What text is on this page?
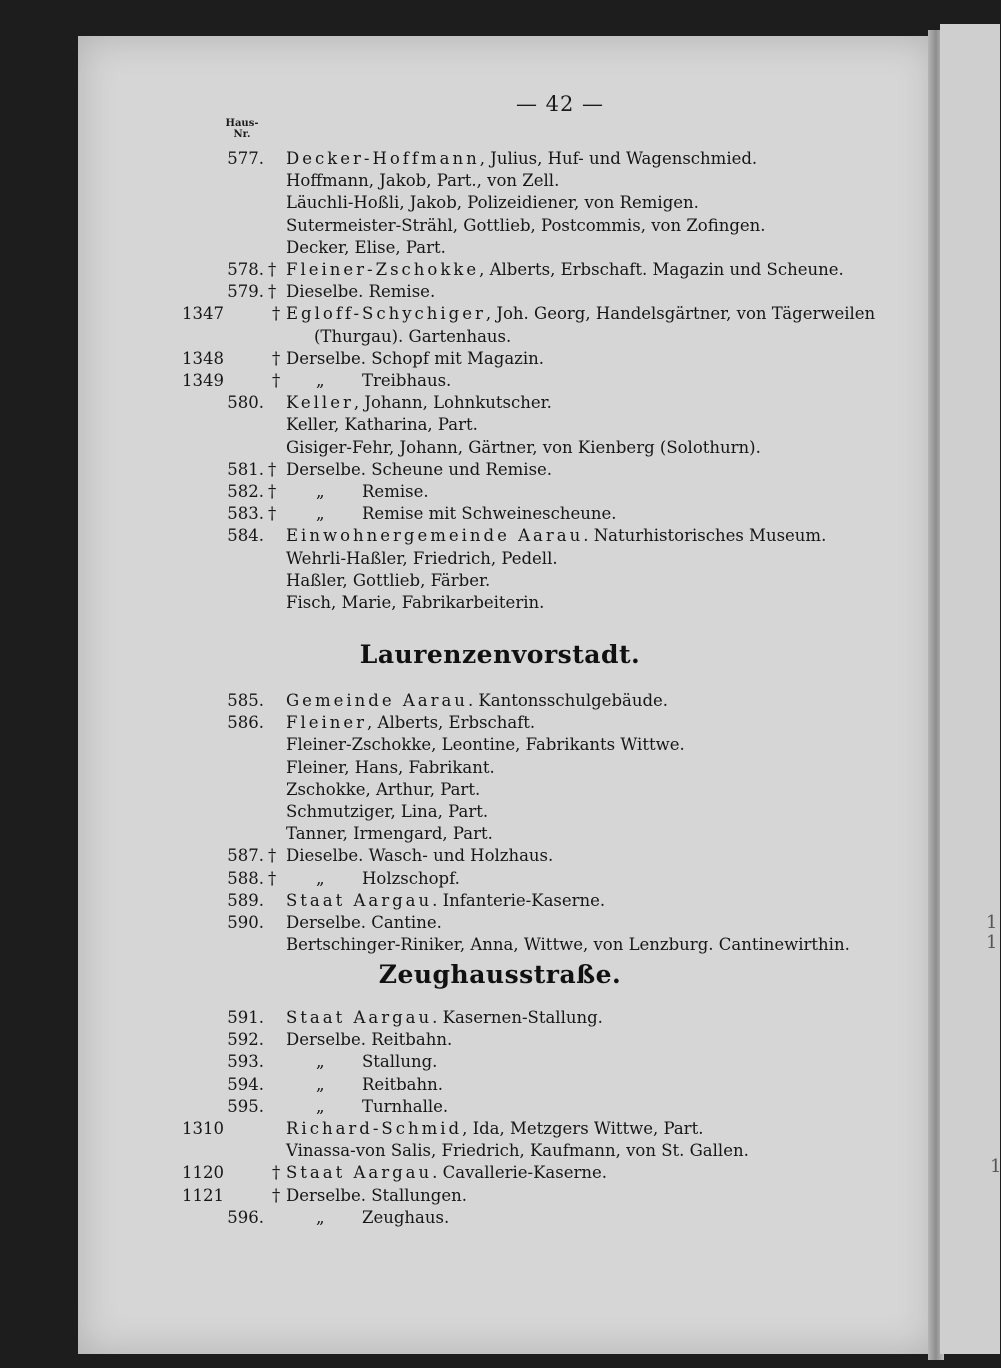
1
1
1
— 42 —
Haus-
Nr.
577. Decker-Hoffmann, Julius, Huf- und Wagenschmied.
Hoffmann, Jakob, Part., von Zell.
Läuchli-Hoßli, Jakob, Polizeidiener, von Remigen.
Sutermeister-Strähl, Gottlieb, Postcommis, von Zofingen.
Decker, Elise, Part.
578. † Fleiner-Zschokke, Alberts, Erbschaft. Magazin und Scheune.
579. † Dieselbe. Remise.
1347	† Egloff-Schychiger, Joh. Georg, Handelsgärtner, von Tägerweilen
(Thurgau). Gartenhaus.
1348	† Derselbe. Schopf mit Magazin.
1349	†	„ Treibhaus.
580. Keller, Johann, Lohnkutscher.
Keller, Katharina, Part.
Gisiger-Fehr, Johann, Gärtner, von Kienberg (Solothurn).
581. † Derselbe. Scheune und Remise.
582. †	„ Remise.
583. †	„ Remise mit Schweinescheune.
584. Einwohnergemeinde Aarau. Naturhistorisches Museum.
Wehrli-Haßler, Friedrich, Pedell.
Haßler, Gottlieb, Färber.
Fisch, Marie, Fabrikarbeiterin.
Laurenzenvorstadt.
585. Gemeinde Aarau. Kantonsschulgebäude.
586. Fleiner, Alberts, Erbschaft.
Fleiner-Zschokke, Leontine, Fabrikants Wittwe.
Fleiner, Hans, Fabrikant.
Zschokke, Arthur, Part.
Schmutziger, Lina, Part.
Tanner, Irmengard, Part.
587. † Dieselbe. Wasch- und Holzhaus.
588. †	„ Holzschopf.
589. Staat Aargau. Infanterie-Kaserne.
590. Derselbe. Cantine.
Bertschinger-Riniker, Anna, Wittwe, von Lenzburg. Cantinewirthin.
Zeughausstraße.
591. Staat Aargau. Kasernen-Stallung.
592. Derselbe. Reitbahn.
593.	„ Stallung.
594.	„ Reitbahn.
595.	„ Turnhalle.
1310	Richard-Schmid, Ida, Metzgers Wittwe, Part.
Vinassa-von Salis, Friedrich, Kaufmann, von St. Gallen.
1120	† Staat Aargau. Cavallerie-Kaserne.
1121	† Derselbe. Stallungen.
596.	„ Zeughaus.
